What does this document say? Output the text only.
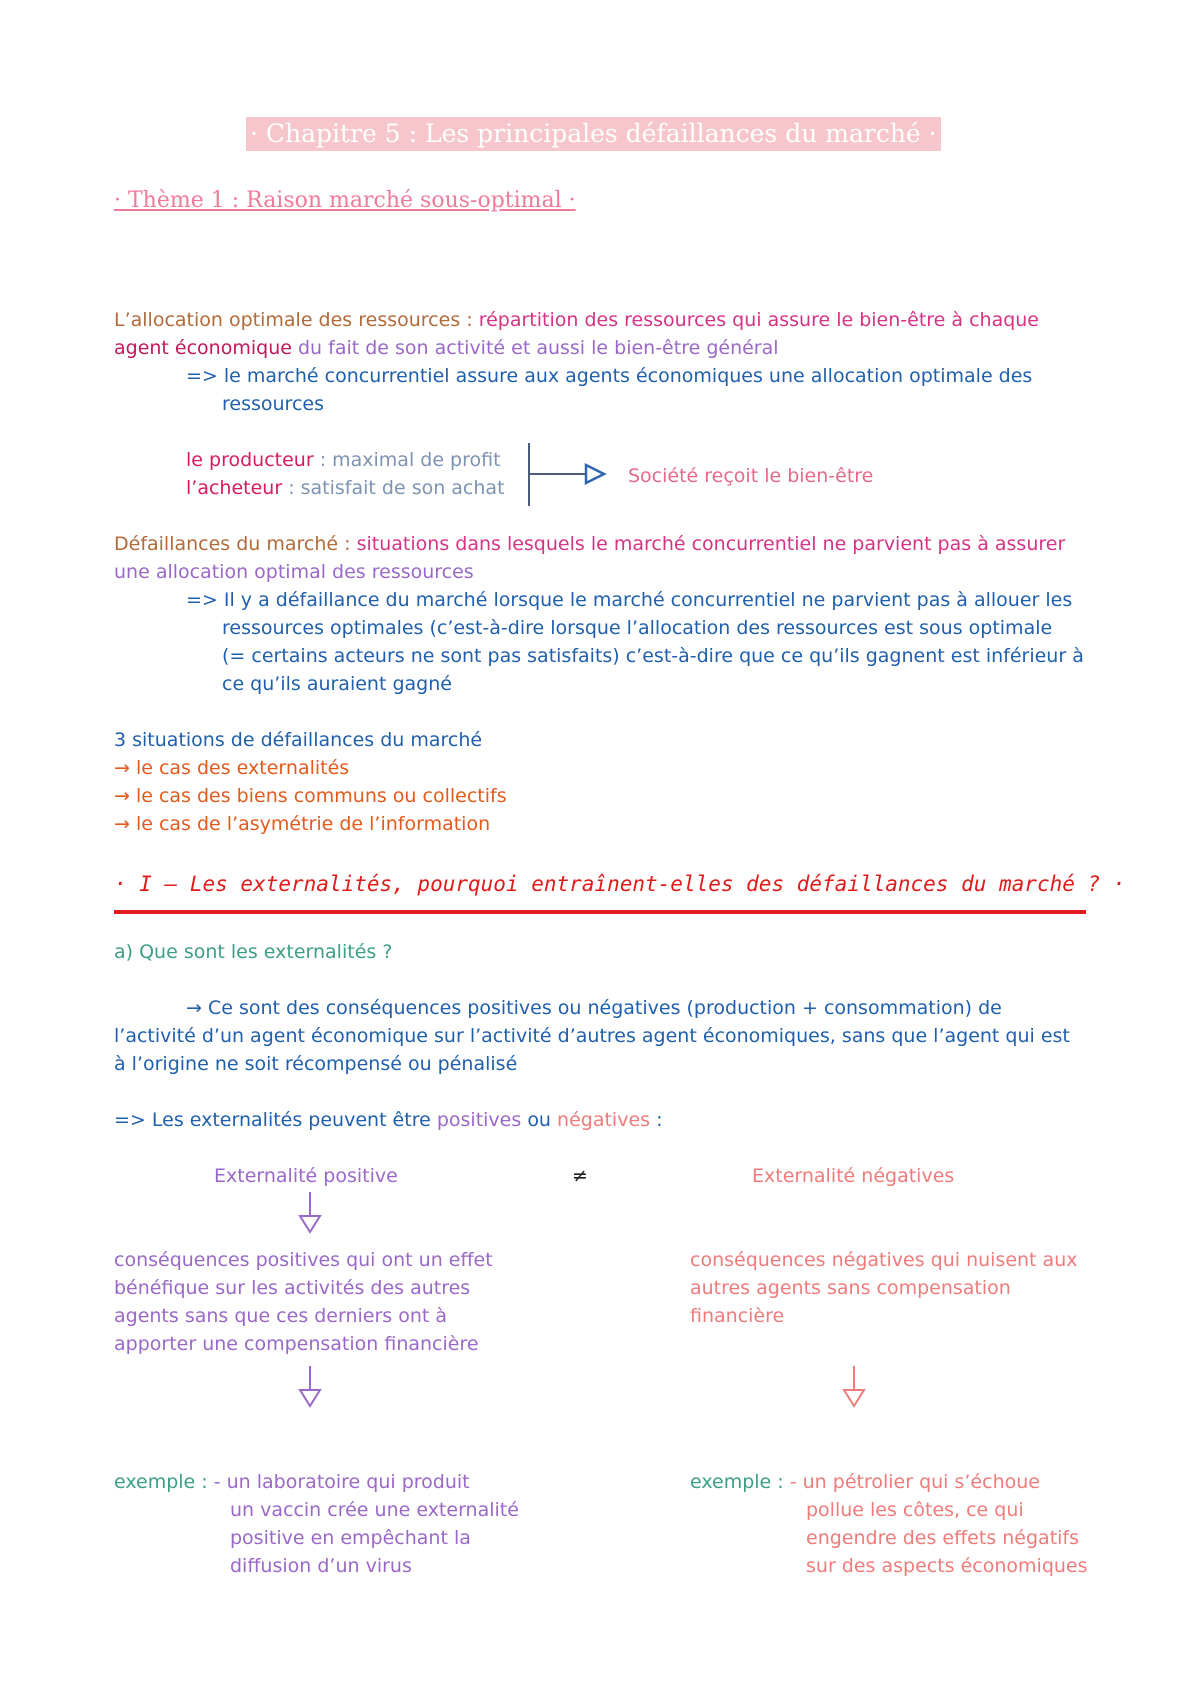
· Chapitre 5 : Les principales défaillances du marché ·
· Thème 1 : Raison marché sous-optimal ·
L’allocation optimale des ressources : répartition des ressources qui assure le bien-être à chaque
agent économique du fait de son activité et aussi le bien-être général
=> le marché concurrentiel assure aux agents économiques une allocation optimale des
ressources
le producteur : maximal de profit
l’acheteur : satisfait de son achat
Société reçoit le bien-être
Défaillances du marché : situations dans lesquels le marché concurrentiel ne parvient pas à assurer
une allocation optimal des ressources
=> Il y a défaillance du marché lorsque le marché concurrentiel ne parvient pas à allouer les
ressources optimales (c’est-à-dire lorsque l’allocation des ressources est sous optimale
(= certains acteurs ne sont pas satisfaits) c’est-à-dire que ce qu’ils gagnent est inférieur à
ce qu’ils auraient gagné
3 situations de défaillances du marché
→ le cas des externalités
→ le cas des biens communs ou collectifs
→ le cas de l’asymétrie de l’information
· I – Les externalités, pourquoi entraînent-elles des défaillances du marché ? ·
a) Que sont les externalités ?
→ Ce sont des conséquences positives ou négatives (production + consommation) de
l’activité d’un agent économique sur l’activité d’autres agent économiques, sans que l’agent qui est
à l’origine ne soit récompensé ou pénalisé
=> Les externalités peuvent être positives ou négatives :
Externalité positive	≠	Externalité négatives
conséquences positives qui ont un effet
bénéfique sur les activités des autres
agents sans que ces derniers ont à
apporter une compensation financière
conséquences négatives qui nuisent aux
autres agents sans compensation
financière
exemple : - un laboratoire qui produit
un vaccin crée une externalité
positive en empêchant la
diffusion d’un virus
exemple : - un pétrolier qui s’échoue
pollue les côtes, ce qui
engendre des effets négatifs
sur des aspects économiques
